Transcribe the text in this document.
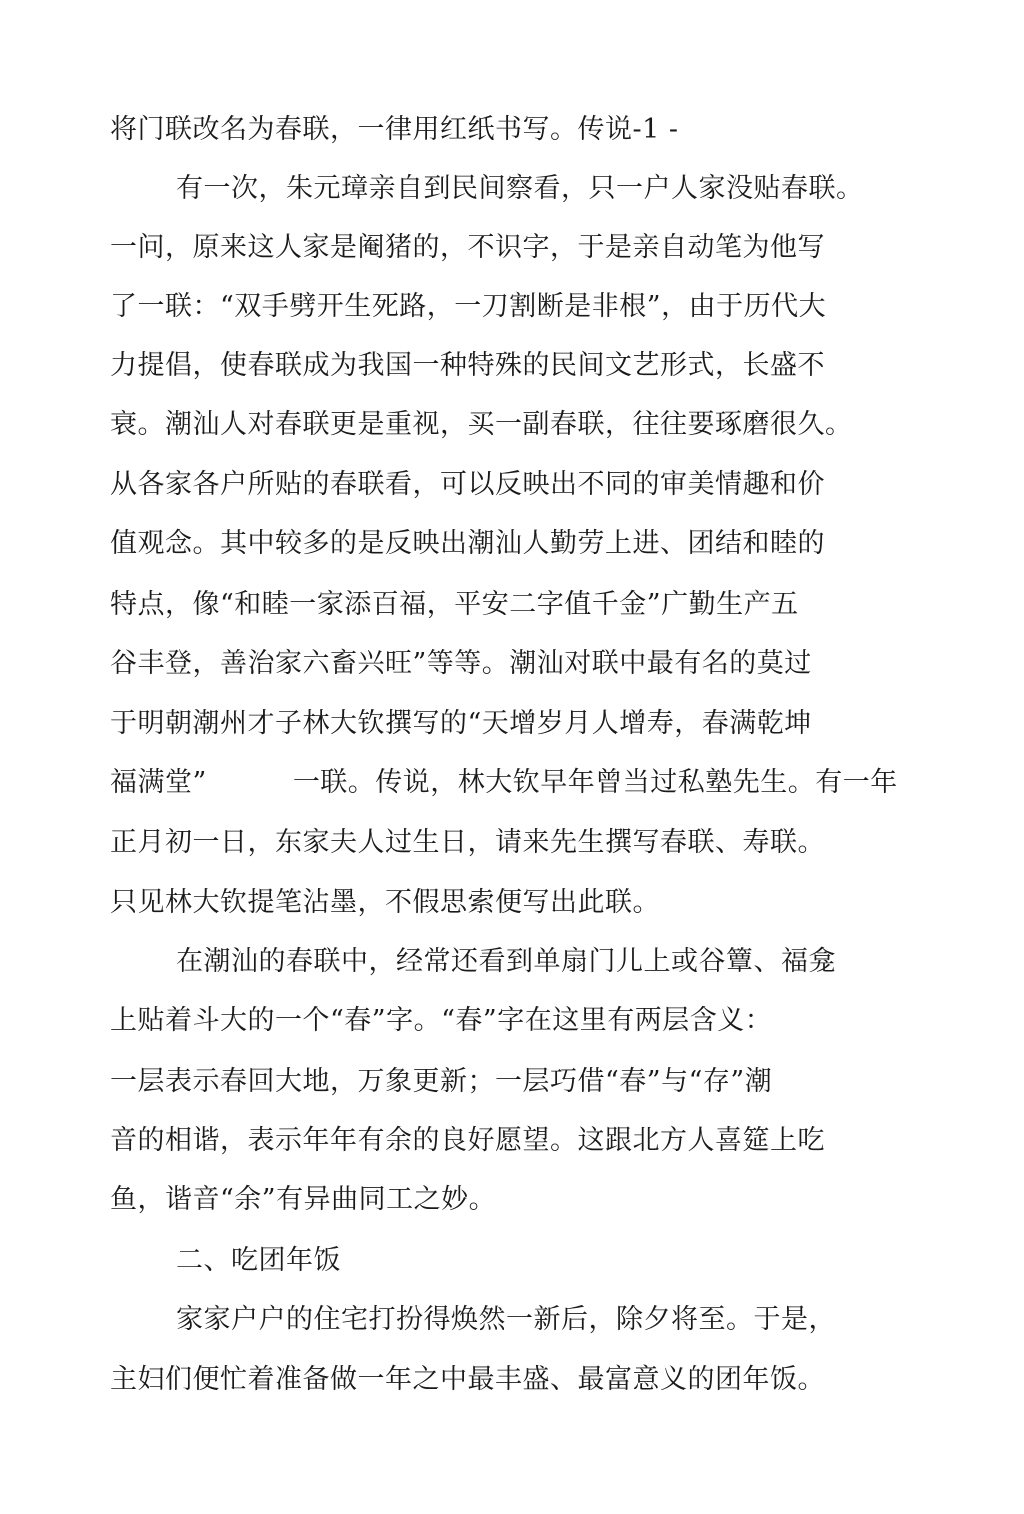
将门联改名为春联，一律用红纸书写。传说-1 -
有一次，朱元璋亲自到民间察看，只一户人家没贴春联。
一问，原来这人家是阉猪的，不识字，于是亲自动笔为他写
了一联：“双手劈开生死路，一刀割断是非根”，由于历代大
力提倡，使春联成为我国一种特殊的民间文艺形式，长盛不
衰。潮汕人对春联更是重视，买一副春联，往往要琢磨很久。
从各家各户所贴的春联看，可以反映出不同的审美情趣和价
值观念。其中较多的是反映出潮汕人勤劳上进、团结和睦的
特点，像“和睦一家添百福，平安二字值千金”广勤生产五
谷丰登，善治家六畜兴旺”等等。潮汕对联中最有名的莫过
于明朝潮州才子林大钦撰写的“天增岁月人增寿，春满乾坤
福满堂”	一联。传说，林大钦早年曾当过私塾先生。有一年
正月初一日，东家夫人过生日，请来先生撰写春联、寿联。
只见林大钦提笔沾墨，不假思索便写出此联。
在潮汕的春联中，经常还看到单扇门儿上或谷簟、福龛
上贴着斗大的一个“春”字。“春”字在这里有两层含义：
一层表示春回大地，万象更新；一层巧借“春”与“存”潮
音的相谐，表示年年有余的良好愿望。这跟北方人喜筵上吃
鱼，谐音“余”有异曲同工之妙。
二、吃团年饭
家家户户的住宅打扮得焕然一新后，除夕将至。于是，
主妇们便忙着准备做一年之中最丰盛、最富意义的团年饭。
